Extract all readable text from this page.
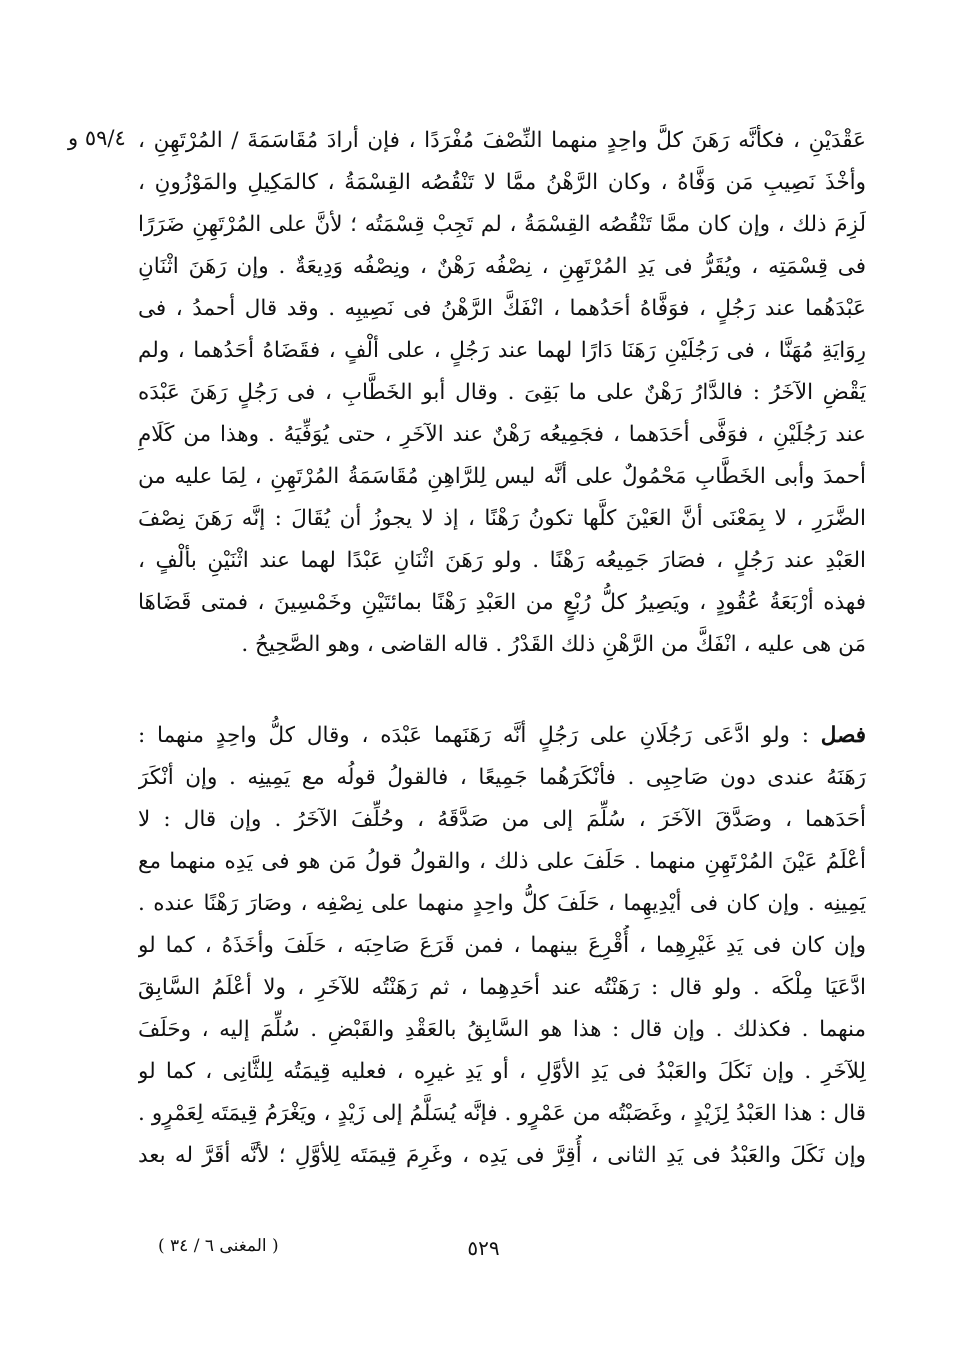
٥٩/٤ و عَقْدَيْنِ ، فكأنَّه رَهَنَ كلَّ واحِدٍ منهما النِّصْفَ مُفْرَدًا ، فإن أرادَ مُقَاسَمَةَ / المُرْتَهِنِ ،
وأخْذَ نَصِيبِ مَن وَفَّاهُ ، وكان الرَّهْنُ ممَّا لا تَنْقُصُه القِسْمَةُ ، كالمَكِيلِ والمَوْزُونِ ،
لَزِمَ ذلك ، وإن كان ممَّا تَنْقُصُه القِسْمَةُ ، لم تَجِبْ قِسْمَتُه ؛ لأنَّ على المُرْتَهِنِ ضَرَرًا
فى قِسْمَتِه ، ويُقَرُّ فى يَدِ المُرْتَهِنِ ، نِصْفُه رَهْنٌ ، ونِصْفُه وَدِيعَةٌ . وإن رَهَنَ اثْنَانِ
عَبْدَهُما عند رَجُلٍ ، فوَفَّاهُ أحَدُهما ، انْفَكَّ الرَّهْنُ فى نَصِيبِه . وقد قال أحمدُ ، فى
رِوَايَةِ مُهَنَّا ، فى رَجُلَيْنِ رَهَنَا دَارًا لهما عند رَجُلٍ ، على ألْفٍ ، فقَضَاهُ أحَدُهما ، ولم
يَقْضِ الآخَرُ : فالدَّارُ رَهْنٌ على ما بَقِىَ . وقال أبو الخَطَّابِ ، فى رَجُلٍ رَهَنَ عَبْدَه
عند رَجُلَيْنِ ، فوَفَّى أحَدَهما ، فجَمِيعُه رَهْنٌ عند الآخَرِ ، حتى يُوَفِّيَهُ . وهذا من كَلَامِ
أحمدَ وأبى الخَطَّابِ مَحْمُولٌ على أنَّه ليس لِلرَّاهِنِ مُقَاسَمَةُ المُرْتَهِنِ ، لِمَا عليه من
الضَّرَرِ ، لا بِمَعْنَى أنَّ العَيْنَ كلَّها تكونُ رَهْنًا ، إذ لا يجوزُ أن يُقَالَ : إنَّه رَهَنَ نِصْفَ
العَبْدِ عند رَجُلٍ ، فصَارَ جَمِيعُه رَهْنًا . ولو رَهَنَ اثْنَانِ عَبْدًا لهما عند اثْنَيْنِ بألْفٍ ،
فهذه أرْبَعَةُ عُقُودٍ ، ويَصِيرُ كلُّ رُبْعٍ من العَبْدِ رَهْنًا بمائتَيْنِ وخَمْسِينَ ، فمتى قَضَاهَا
مَن هى عليه ، انْفَكَّ من الرَّهْنِ ذلك القَدْرُ . قاله القاضى ، وهو الصَّحِيحُ .
فصل : ولو ادَّعَى رَجُلَانِ على رَجُلٍ أنَّه رَهَنَهما عَبْدَه ، وقال كلُّ واحِدٍ منهما :
رَهَنَهُ عندى دون صَاحِبِى . فأنْكَرَهُما جَمِيعًا ، فالقولُ قولُه مع يَمِينِه . وإن أنْكَرَ
أحَدَهما ، وصَدَّقَ الآخَرَ ، سُلِّمَ إلى من صَدَّقَهُ ، وحُلِّفَ الآخَرُ . وإن قال : لا
أعْلَمُ عَيْنَ المُرْتَهِنِ منهما . حَلَفَ على ذلك ، والقولُ قولُ مَن هو فى يَدِه منهما مع
يَمِينِه . وإن كان فى أيْدِيهِما ، حَلَفَ كلُّ واحِدٍ منهما على نِصْفِه ، وصَارَ رَهْنًا عنده .
وإن كان فى يَدِ غَيْرِهِما ، أُقْرِعَ بينهما ، فمن قَرَعَ صَاحِبَه ، حَلَفَ وأخَذَهُ ، كما لو
ادَّعَيَا مِلْكَه . ولو قال : رَهَنْتُه عند أحَدِهِما ، ثم رَهَنْتُه للآخَرِ ، ولا أعْلَمُ السَّابِقَ
منهما . فكذلك . وإن قال : هذا هو السَّابِقُ بالعَقْدِ والقَبْضِ . سُلِّمَ إليه ، وحَلَفَ
لِلآخَرِ . وإن نَكَلَ والعَبْدُ فى يَدِ الأوَّلِ ، أو يَدِ غيرِه ، فعليه قِيمَتُه لِلثَّانِى ، كما لو
قال : هذا العَبْدُ لِزَيْدٍ ، وغَصَبْتُه من عَمْرٍو . فإنَّه يُسَلَّمُ إلى زَيْدٍ ، ويَغْرَمُ قِيمَتَه لِعَمْرٍو .
وإن نَكَلَ والعَبْدُ فى يَدِ الثانى ، أُقِرَّ فى يَدِه ، وغَرِمَ قِيمَتَه لِلأوَّلِ ؛ لأنَّه أقَرَّ له بعد
٥٢٩
( المغنى ٦ / ٣٤ )
